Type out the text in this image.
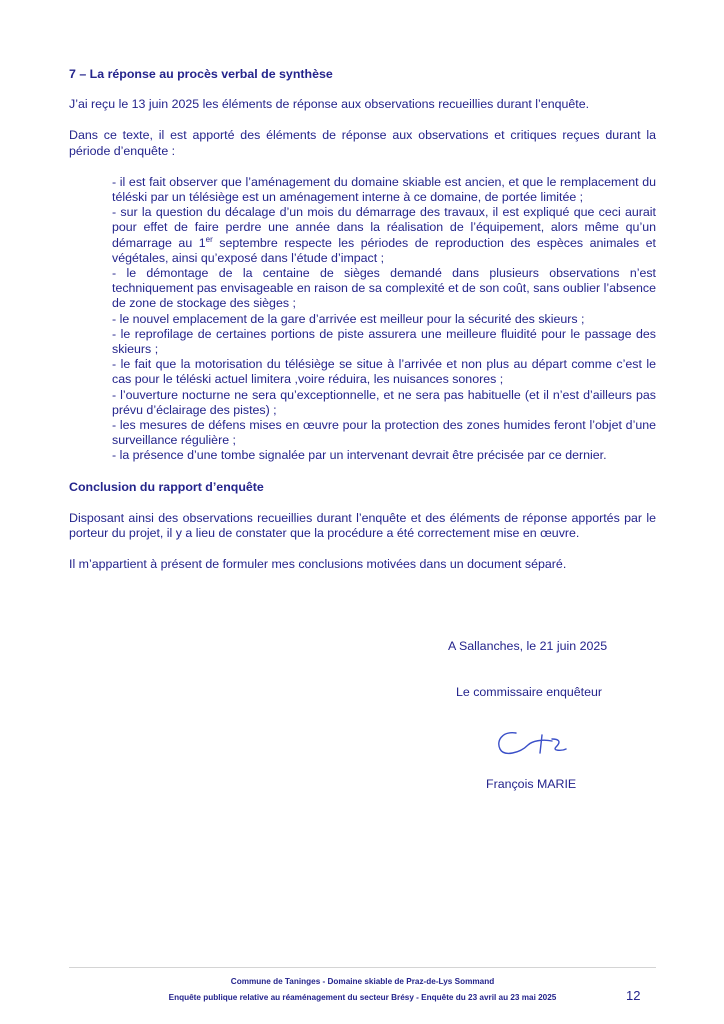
7 – La réponse au procès verbal de synthèse

J’ai reçu le 13 juin 2025 les éléments de réponse aux observations recueillies durant l’enquête.

Dans ce texte, il est apporté des éléments de réponse aux observations et critiques reçues durant la période d’enquête :

- il est fait observer que l’aménagement du domaine skiable est ancien, et que le remplacement du téléski par un télésiège est un aménagement interne à ce domaine, de portée limitée ;
- sur la question du décalage d’un mois du démarrage des travaux, il est expliqué que ceci aurait pour effet de faire perdre une année dans la réalisation de l’équipement, alors même qu’un démarrage au 1er septembre respecte les périodes de reproduction des espèces animales et végétales, ainsi qu’exposé dans l’étude d’impact ;
- le démontage de la centaine de sièges demandé dans plusieurs observations n’est techniquement pas envisageable en raison de sa complexité et de son coût, sans oublier l’absence de zone de stockage des sièges ;
- le nouvel emplacement de la gare d’arrivée est meilleur pour la sécurité des skieurs ;
- le reprofilage de certaines portions de piste assurera une meilleure fluidité pour le passage des skieurs ;
- le fait que la motorisation du télésiège se situe à l’arrivée et non plus au départ comme c’est le cas pour le téléski actuel limitera ,voire réduira, les nuisances sonores ;
- l’ouverture nocturne ne sera qu’exceptionnelle, et ne sera pas habituelle (et il n’est d’ailleurs pas prévu d’éclairage des pistes) ;
- les mesures de défens mises en œuvre pour la protection des zones humides feront l’objet d’une surveillance régulière ;
- la présence d’une tombe signalée par un intervenant devrait être précisée par ce dernier.

Conclusion du rapport d’enquête

Disposant ainsi des observations recueillies durant l’enquête et des éléments de réponse apportés par le porteur du projet, il y a lieu de constater que la procédure a été correctement mise en œuvre.

Il m’appartient à présent de formuler mes conclusions motivées dans un document séparé.

A Sallanches, le 21 juin 2025
Le commissaire enquêteur
François MARIE
Commune de Taninges - Domaine skiable de Praz-de-Lys Sommand
Enquête publique relative au réaménagement du secteur Brésy - Enquête du 23 avril au 23 mai 2025	12
